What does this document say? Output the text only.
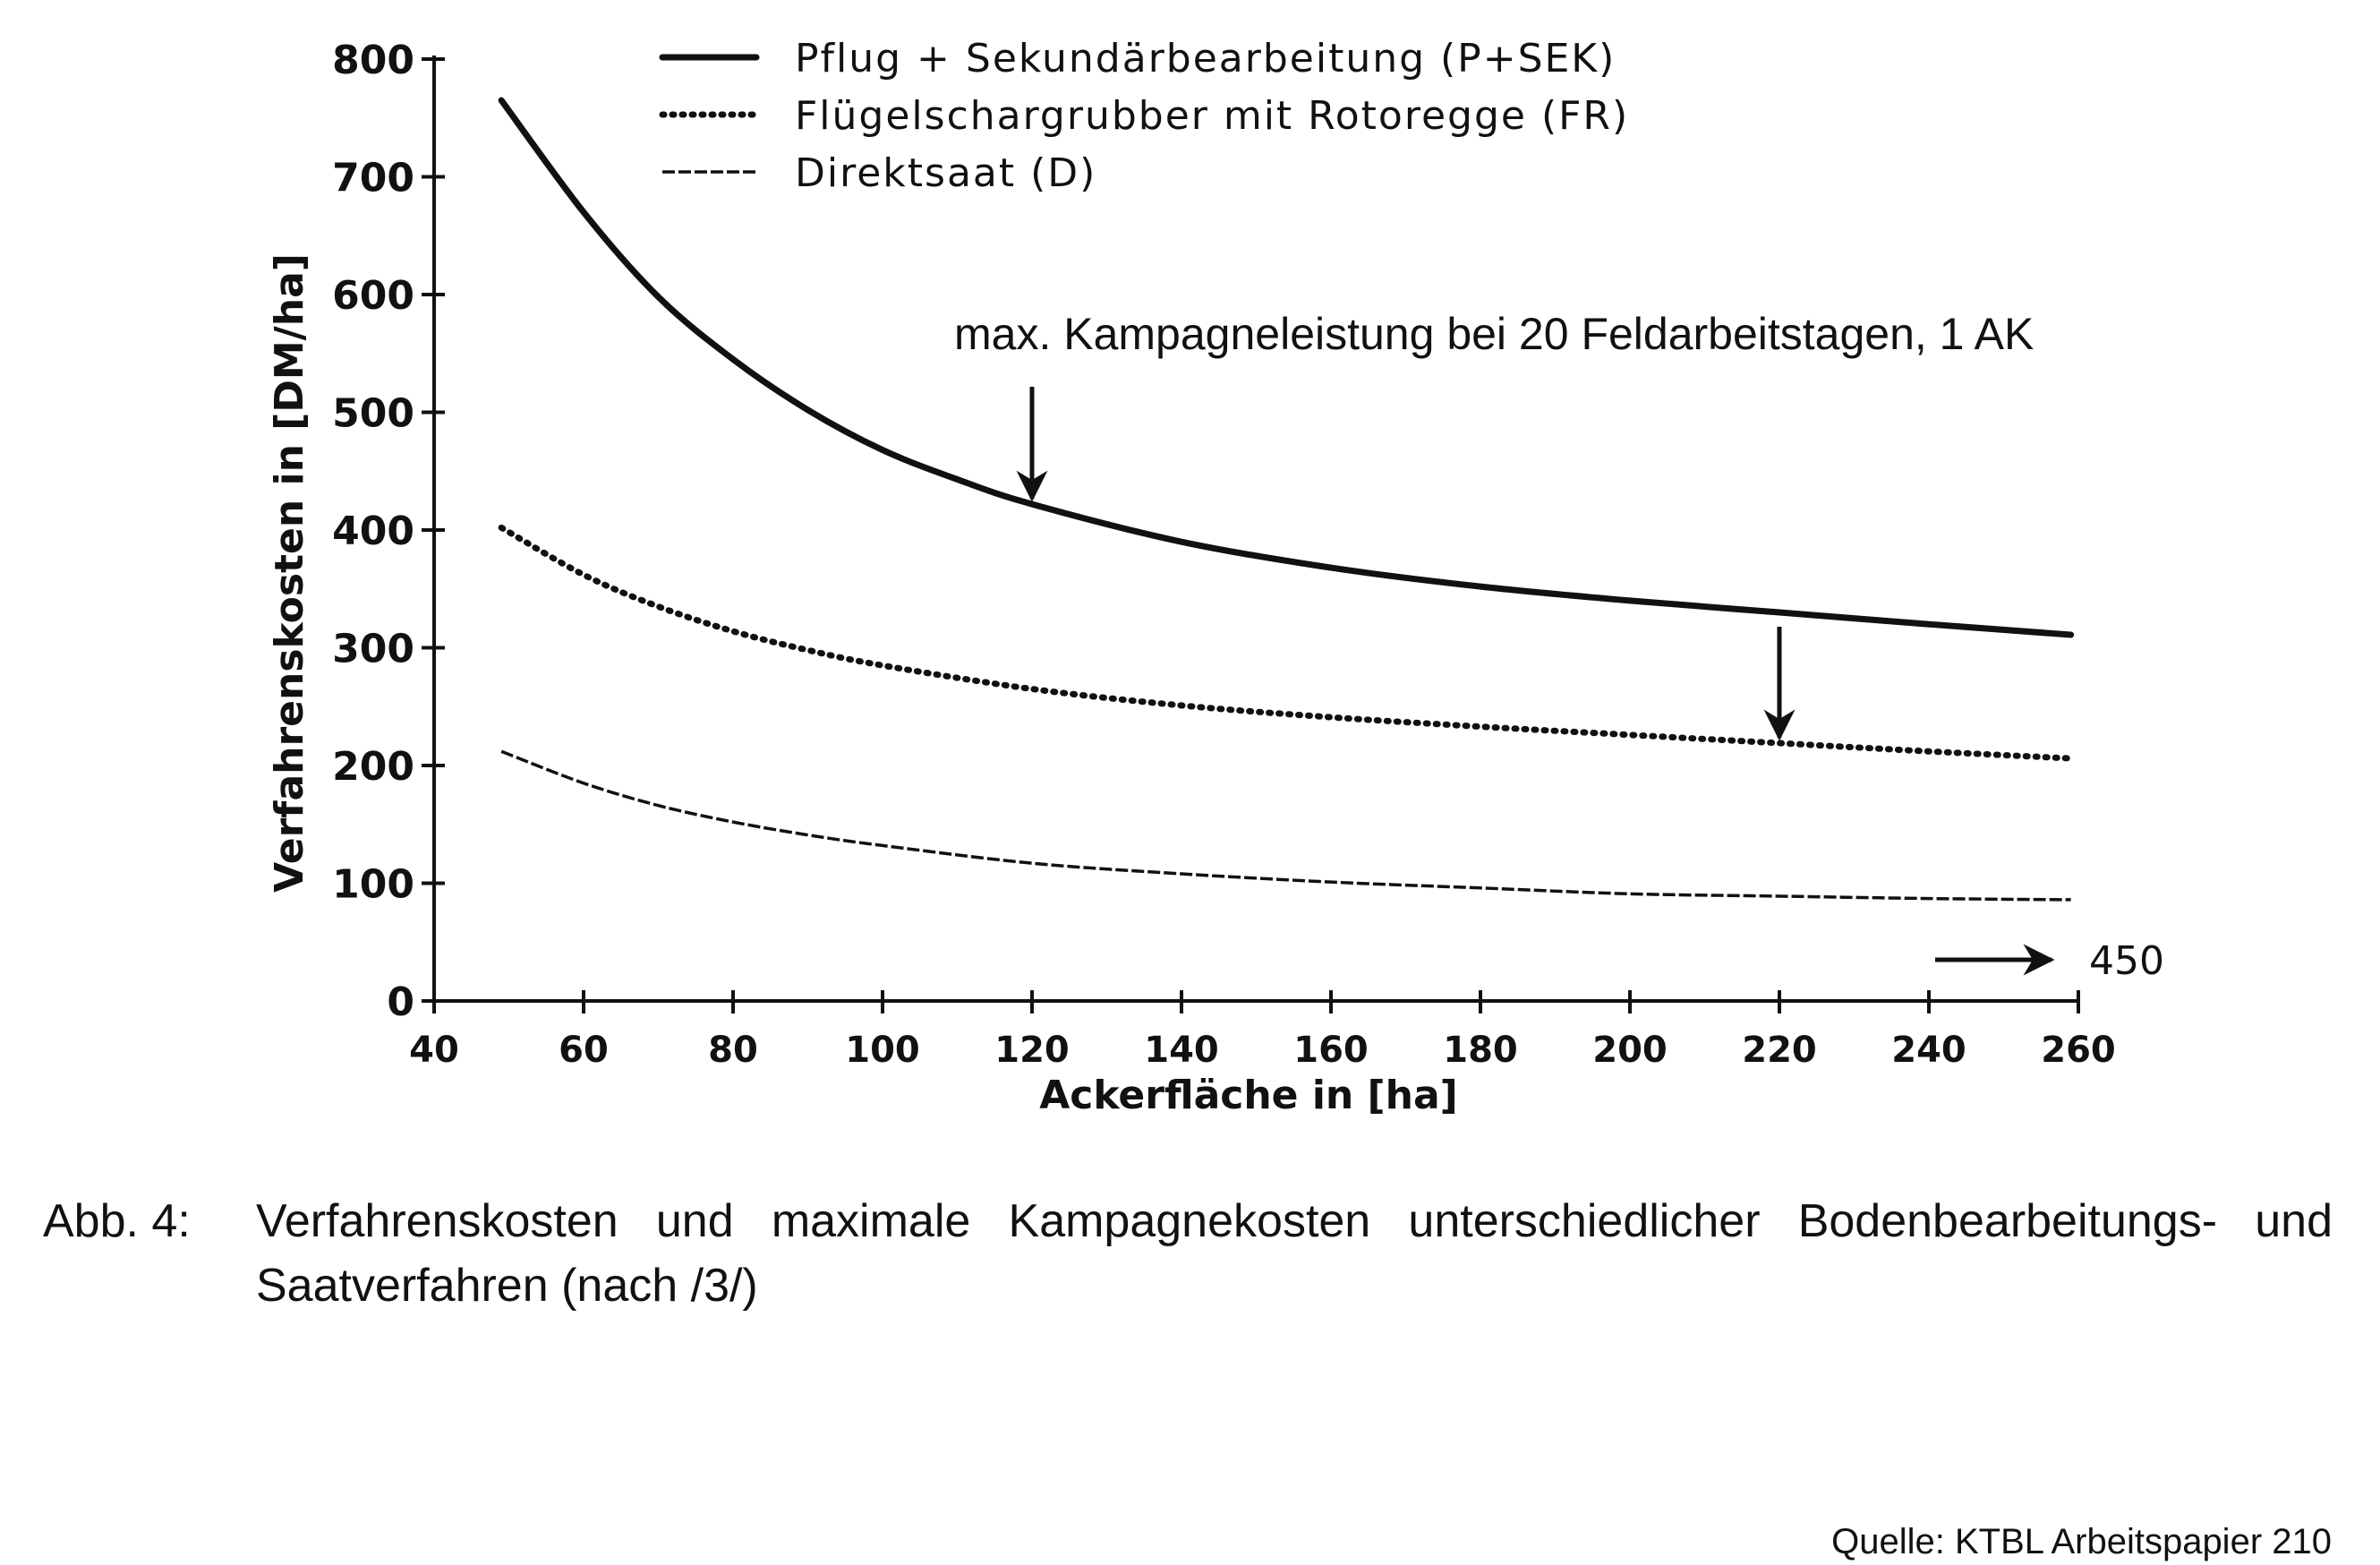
40	60	80 100 120 140 160 180 200 220 240 260
0
100
200
300
400
500
600
700
800	Pflug + Sekundärbearbeitung (P+SEK)
Flügelschargrubber mit Rotoregge (FR)
Direktsaat (D)
max. Kampagneleistung bei 20 Feldarbeitstagen, 1 AK
450
Ackerfläche in [ha]
Verfahrenskosten in [DM/ha]
Abb. 4: Verfahrenskosten und maximale Kampagnekosten unterschiedlicher Bodenbearbeitungs- und Saatverfahren (nach /3/)
Quelle: KTBL Arbeitspapier 210
